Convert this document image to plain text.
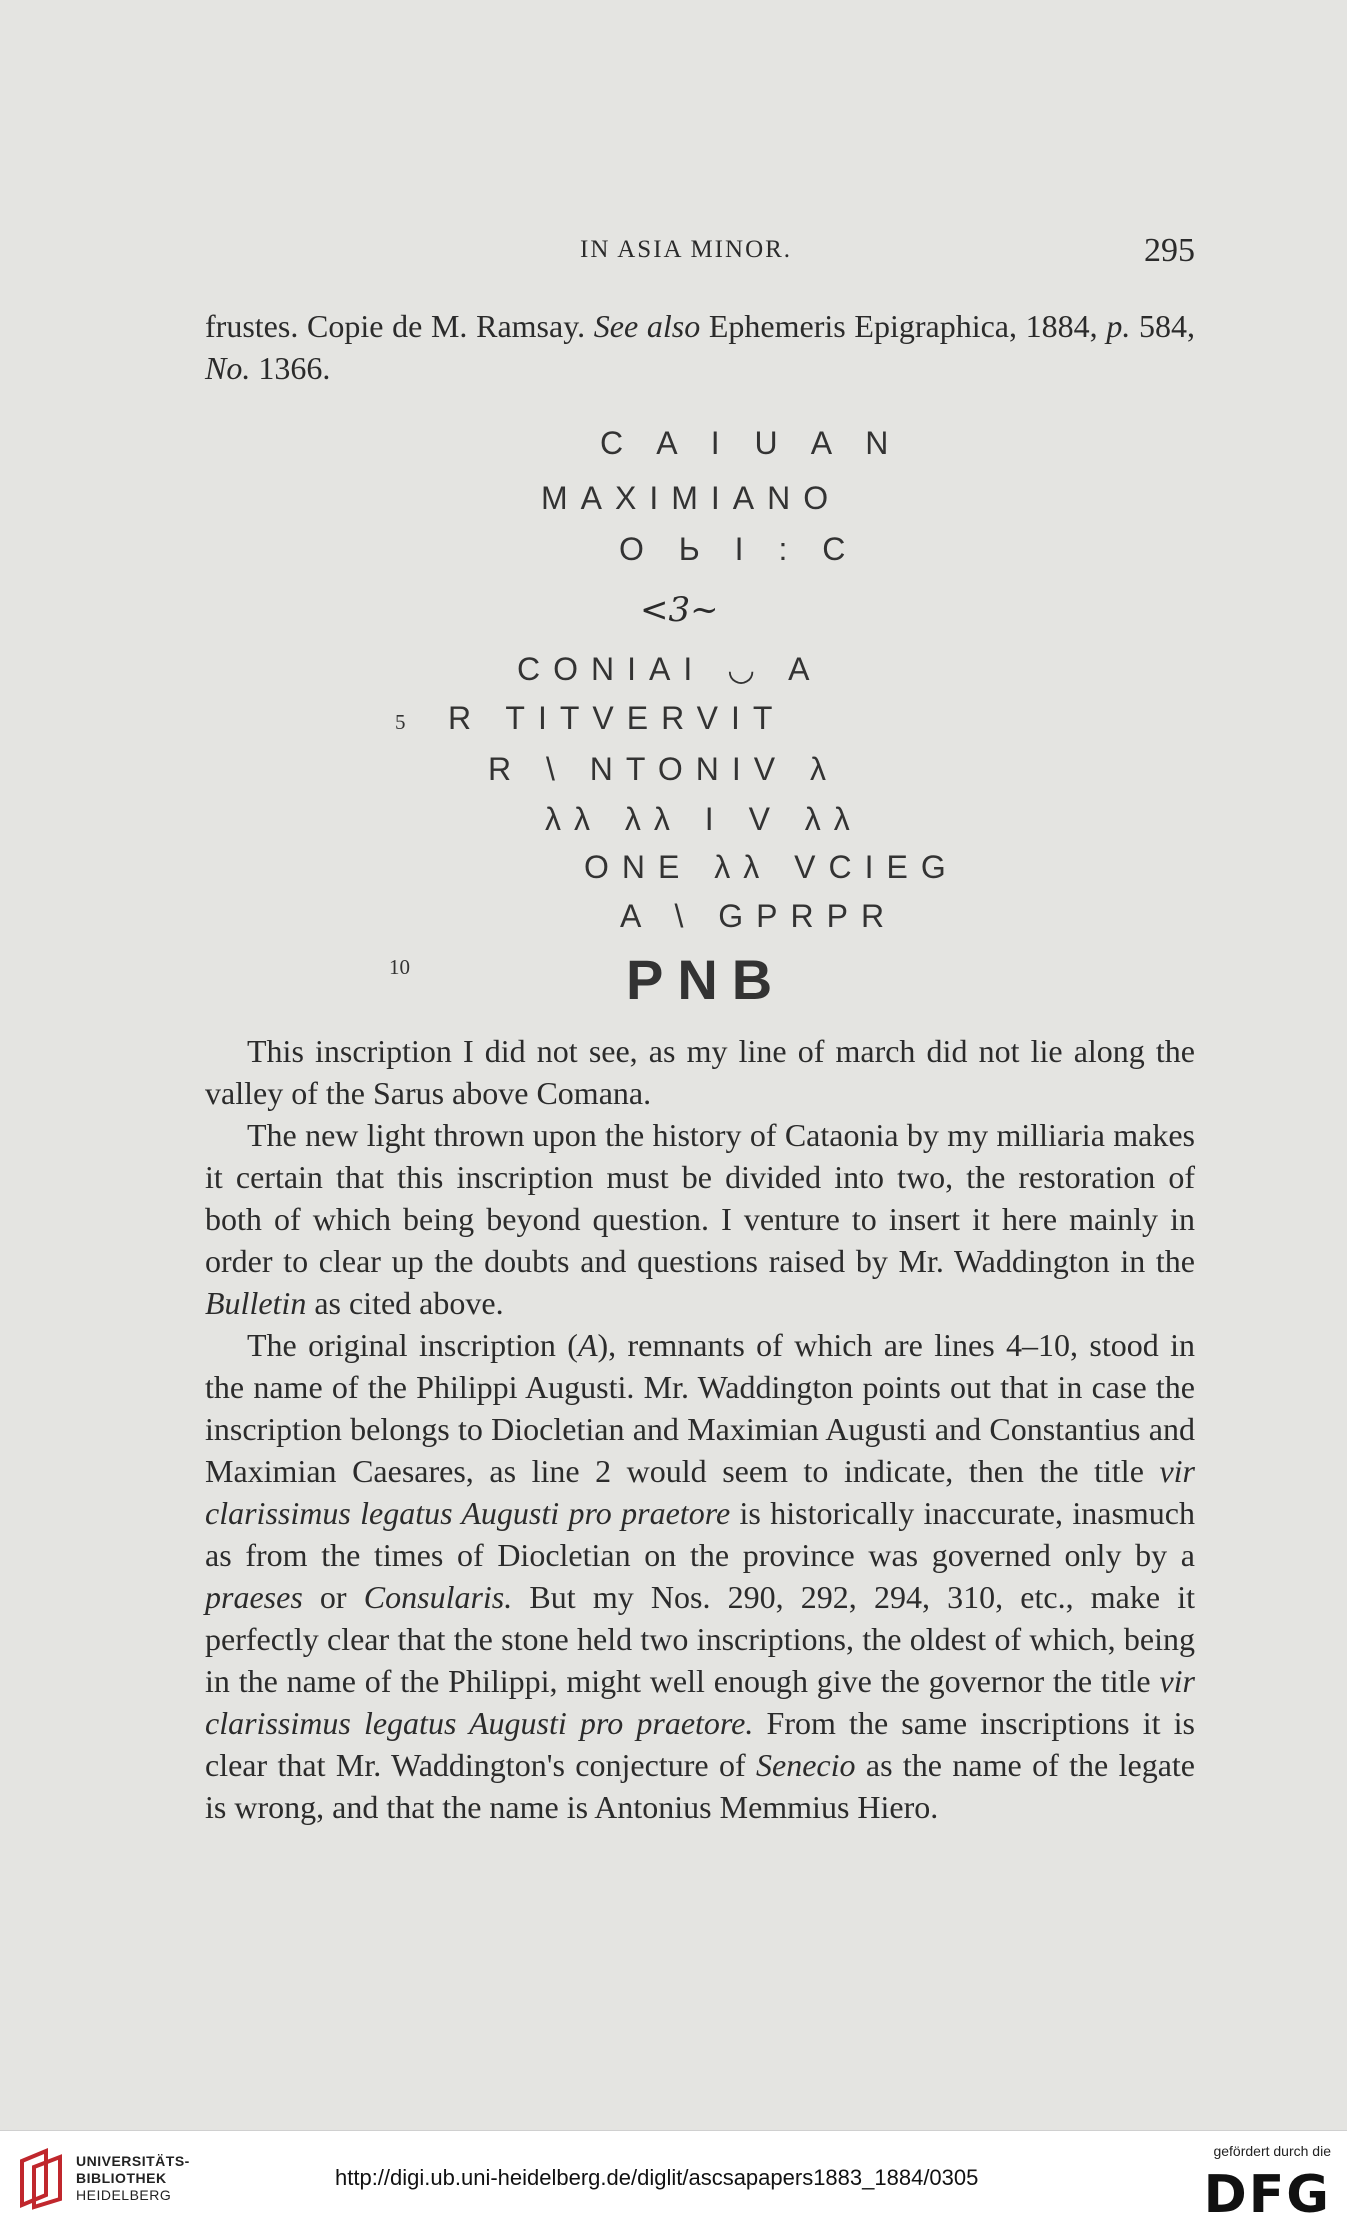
IN ASIA MINOR.	295

frustes. Copie de M. Ramsay. See also Ephemeris Epigraphica, 1884, p. 584, No. 1366.

C A I U A N
MAXIMIANO
O Ь I : C
<3~
CONIAI ◡ A
5 R TITVERVIT
R \ NTONIV λ
λλ λλ I V λλ
ONE λλ VCIEG
A \ GPRPR
10	PNB

This inscription I did not see, as my line of march did not lie along the valley of the Sarus above Comana.

The new light thrown upon the history of Cataonia by my milliaria makes it certain that this inscription must be divided into two, the restoration of both of which being beyond question. I venture to insert it here mainly in order to clear up the doubts and questions raised by Mr. Waddington in the Bulletin as cited above.

The original inscription (A), remnants of which are lines 4–10, stood in the name of the Philippi Augusti. Mr. Waddington points out that in case the inscription belongs to Diocletian and Maximian Augusti and Constantius and Maximian Caesares, as line 2 would seem to indicate, then the title vir clarissimus legatus Augusti pro praetore is historically inaccurate, inasmuch as from the times of Diocletian on the province was governed only by a praeses or Consularis. But my Nos. 290, 292, 294, 310, etc., make it perfectly clear that the stone held two inscriptions, the oldest of which, being in the name of the Philippi, might well enough give the governor the title vir clarissimus legatus Augusti pro praetore. From the same inscriptions it is clear that Mr. Waddington's conjecture of Senecio as the name of the legate is wrong, and that the name is Antonius Memmius Hiero.

UNIVERSITÄTS-
BIBLIOTHEK
HEIDELBERG
http://digi.ub.uni-heidelberg.de/diglit/ascsapapers1883_1884/0305
gefördert durch die
DFG
